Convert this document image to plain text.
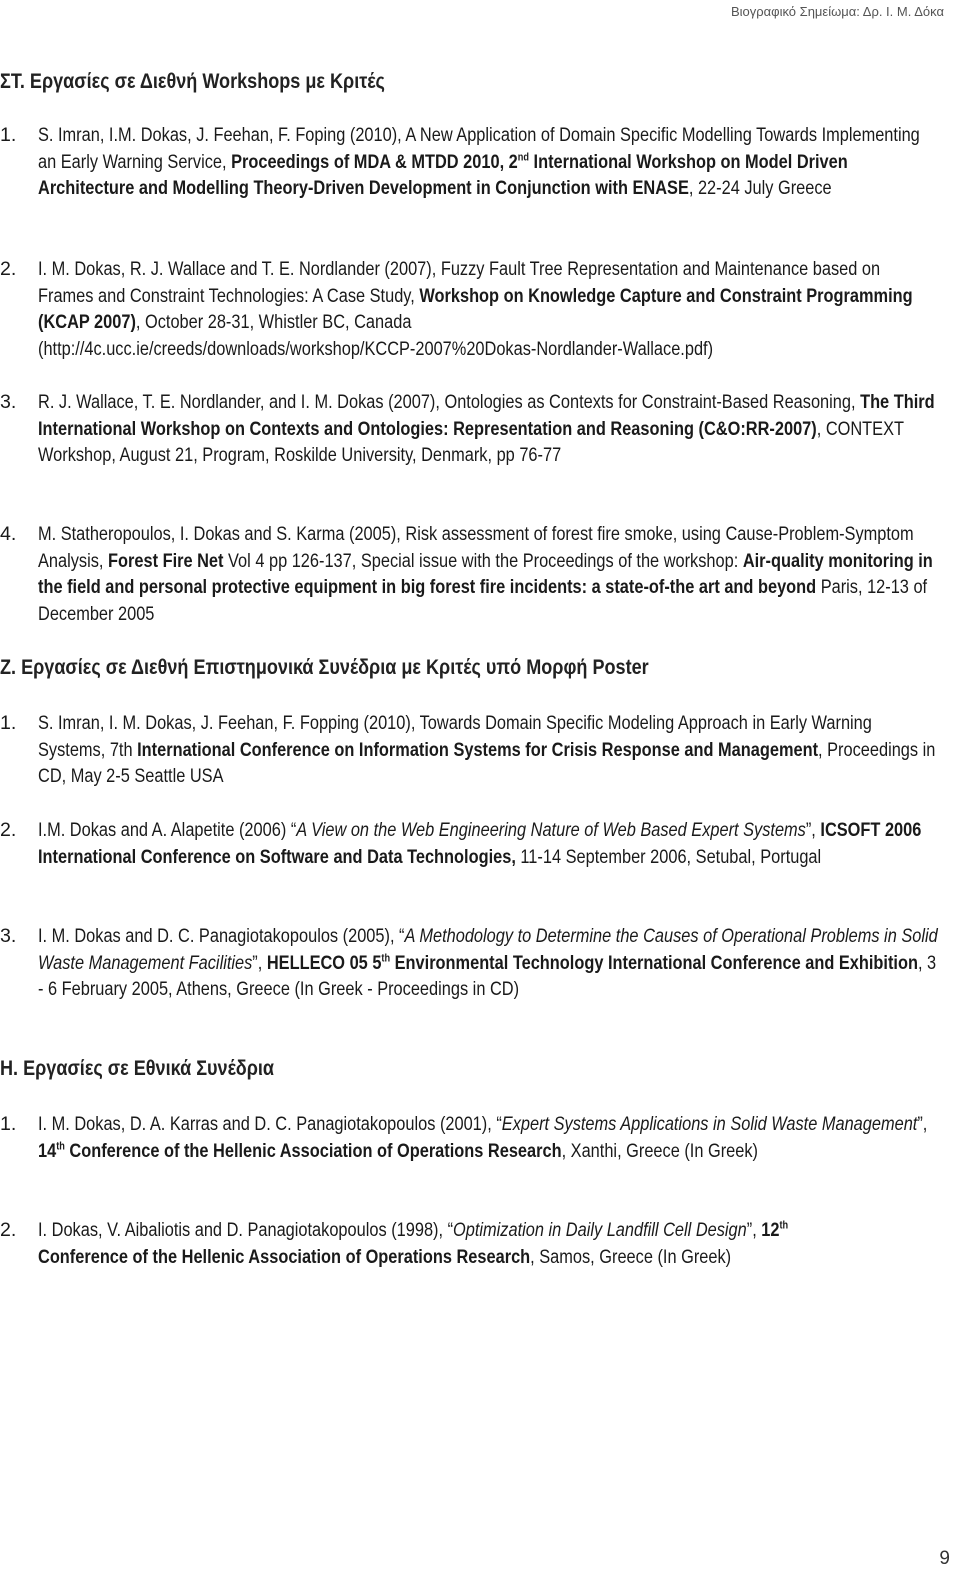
Βιογραφικό Σημείωμα: Δρ. Ι. Μ. Δόκα
ΣΤ. Εργασίες σε Διεθνή Workshops με Κριτές
1. S. Imran, I.M. Dokas, J. Feehan, F. Foping (2010), A New Application of Domain Specific Modelling Towards Implementing an Early Warning Service, Proceedings of MDA & MTDD 2010, 2nd International Workshop on Model Driven Architecture and Modelling Theory-Driven Development in Conjunction with ENASE, 22-24 July Greece
2. I. M. Dokas, R. J. Wallace and T. E. Nordlander (2007), Fuzzy Fault Tree Representation and Maintenance based on Frames and Constraint Technologies: A Case Study, Workshop on Knowledge Capture and Constraint Programming (KCAP 2007), October 28-31, Whistler BC, Canada
(http://4c.ucc.ie/creeds/downloads/workshop/KCCP-2007%20Dokas-Nordlander-Wallace.pdf)
3. R. J. Wallace, T. E. Nordlander, and I. M. Dokas (2007), Ontologies as Contexts for Constraint-Based Reasoning, The Third International Workshop on Contexts and Ontologies: Representation and Reasoning (C&O:RR-2007), CONTEXT Workshop, August 21, Program, Roskilde University, Denmark, pp 76-77
4. M. Statheropoulos, I. Dokas and S. Karma (2005), Risk assessment of forest fire smoke, using Cause-Problem-Symptom Analysis, Forest Fire Net Vol 4 pp 126-137, Special issue with the Proceedings of the workshop: Air-quality monitoring in the field and personal protective equipment in big forest fire incidents: a state-of-the art and beyond Paris, 12-13 of December 2005
Ζ. Εργασίες σε Διεθνή Επιστημονικά Συνέδρια με Κριτές υπό Μορφή Poster
1. S. Imran, I. M. Dokas, J. Feehan, F. Fopping (2010), Towards Domain Specific Modeling Approach in Early Warning Systems, 7th International Conference on Information Systems for Crisis Response and Management, Proceedings in CD, May 2-5 Seattle USA
2. I.M. Dokas and A. Alapetite (2006) “A View on the Web Engineering Nature of Web Based Expert Systems”, ICSOFT 2006 International Conference on Software and Data Technologies, 11-14 September 2006, Setubal, Portugal
3. I. M. Dokas and D. C. Panagiotakopoulos (2005), “A Methodology to Determine the Causes of Operational Problems in Solid Waste Management Facilities”, HELLECO 05 5th Environmental Technology International Conference and Exhibition, 3 - 6 February 2005, Athens, Greece (In Greek - Proceedings in CD)
Η. Εργασίες σε Εθνικά Συνέδρια
1. I. M. Dokas, D. A. Karras and D. C. Panagiotakopoulos (2001), “Expert Systems Applications in Solid Waste Management”, 14th Conference of the Hellenic Association of Operations Research, Xanthi, Greece (In Greek)
2. I. Dokas, V. Aibaliotis and D. Panagiotakopoulos (1998), “Optimization in Daily Landfill Cell Design”, 12th
Conference of the Hellenic Association of Operations Research, Samos, Greece (In Greek)
9
